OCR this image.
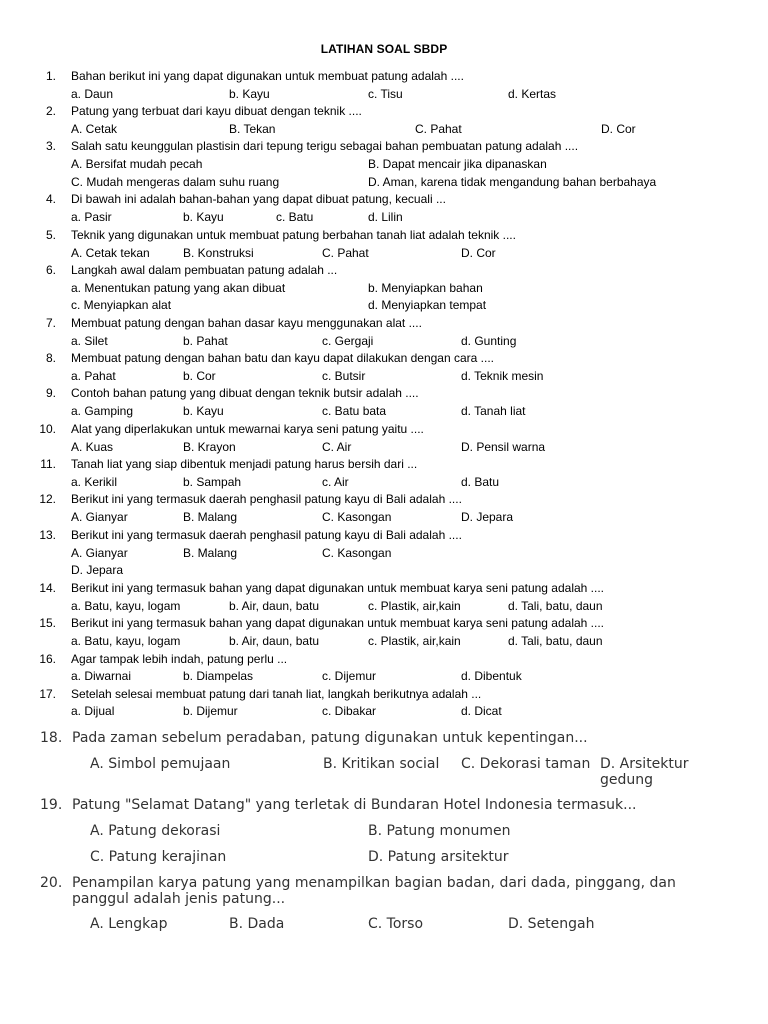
LATIHAN SOAL SBDP
1. Bahan berikut ini yang dapat digunakan untuk membuat patung adalah ....
a. Daun	b. Kayu	c. Tisu	d. Kertas
2. Patung yang terbuat dari kayu dibuat dengan teknik ....
A. Cetak	B. Tekan	C. Pahat	D. Cor
3. Salah satu keunggulan plastisin dari tepung terigu sebagai bahan pembuatan patung adalah ....
A. Bersifat mudah pecah	B. Dapat mencair jika dipanaskan
C. Mudah mengeras dalam suhu ruang	D. Aman, karena tidak mengandung bahan berbahaya
4. Di bawah ini adalah bahan-bahan yang dapat dibuat patung, kecuali ...
a. Pasir	b. Kayu	c. Batu	d. Lilin
5. Teknik yang digunakan untuk membuat patung berbahan tanah liat adalah teknik ....
A. Cetak tekan	B. Konstruksi	C. Pahat	D. Cor
6. Langkah awal dalam pembuatan patung adalah ...
a. Menentukan patung yang akan dibuat	b. Menyiapkan bahan
c. Menyiapkan alat	d. Menyiapkan tempat
7. Membuat patung dengan bahan dasar kayu menggunakan alat ....
a. Silet	b. Pahat	c. Gergaji	d. Gunting
8. Membuat patung dengan bahan batu dan kayu dapat dilakukan dengan cara ....
a. Pahat	b. Cor	c. Butsir	d. Teknik mesin
9. Contoh bahan patung yang dibuat dengan teknik butsir adalah ....
a. Gamping	b. Kayu	c. Batu bata	d. Tanah liat
10. Alat yang diperlakukan untuk mewarnai karya seni patung yaitu ....
A. Kuas	B. Krayon	C. Air	D. Pensil warna
11. Tanah liat yang siap dibentuk menjadi patung harus bersih dari ...
a. Kerikil	b. Sampah	c. Air	d. Batu
12. Berikut ini yang termasuk daerah penghasil patung kayu di Bali adalah ....
A. Gianyar	B. Malang	C. Kasongan	D. Jepara
13. Berikut ini yang termasuk daerah penghasil patung kayu di Bali adalah ....
A. Gianyar	B. Malang	C. Kasongan
D. Jepara
14. Berikut ini yang termasuk bahan yang dapat digunakan untuk membuat karya seni patung adalah ....
a. Batu, kayu, logam	b. Air, daun, batu	c. Plastik, air,kain	d. Tali, batu, daun
15. Berikut ini yang termasuk bahan yang dapat digunakan untuk membuat karya seni patung adalah ....
a. Batu, kayu, logam	b. Air, daun, batu	c. Plastik, air,kain	d. Tali, batu, daun
16. Agar tampak lebih indah, patung perlu ...
a. Diwarnai	b. Diampelas	c. Dijemur	d. Dibentuk
17. Setelah selesai membuat patung dari tanah liat, langkah berikutnya adalah ...
a. Dijual	b. Dijemur	c. Dibakar	d. Dicat
18. Pada zaman sebelum peradaban, patung digunakan untuk kepentingan...
A. Simbol pemujaan	B. Kritikan social C. Dekorasi taman D. Arsitektur gedung
19. Patung "Selamat Datang" yang terletak di Bundaran Hotel Indonesia termasuk...
A. Patung dekorasi	B. Patung monumen
C. Patung kerajinan	D. Patung arsitektur
20. Penampilan karya patung yang menampilkan bagian badan, dari dada, pinggang, dan panggul adalah jenis patung...
A. Lengkap	B. Dada	C. Torso	D. Setengah
